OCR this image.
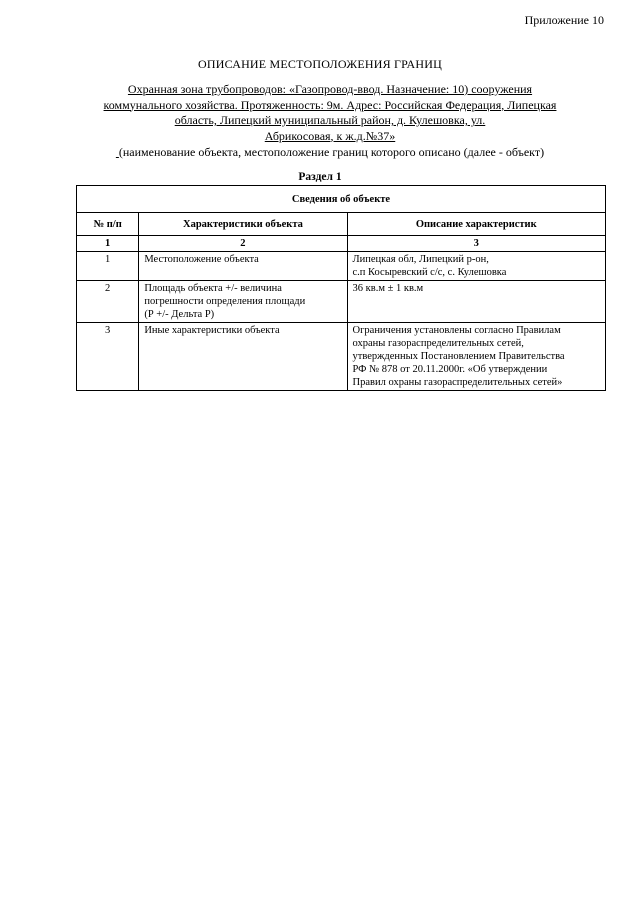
Приложение 10
ОПИСАНИЕ МЕСТОПОЛОЖЕНИЯ ГРАНИЦ
Охранная зона трубопроводов: «Газопровод-ввод. Назначение: 10) сооружения
коммунального хозяйства. Протяженность: 9м. Адрес: Российская Федерация, Липецкая
область, Липецкий муниципальный район, д. Кулешовка, ул.
Абрикосовая, к ж.д.№37»
(наименование объекта, местоположение границ которого описано (далее - объект)
Раздел 1
Сведения об объекте		
№ п/п	Характеристики объекта	Описание характеристик
1	2	3
1	Местоположение объекта	Липецкая обл, Липецкий р-он,
с.п Косыревский с/с, с. Кулешовка

2	Площадь объекта +/- величина
погрешности определения площади
(Р +/- Дельта Р)	36 кв.м ± 1 кв.м

3	Иные характеристики объекта	Ограничения установлены согласно Правилам
охраны газораспределительных сетей,
утвержденных Постановлением Правительства
РФ № 878 от 20.11.2000г. «Об утверждении
Правил охраны газораспределительных сетей»
